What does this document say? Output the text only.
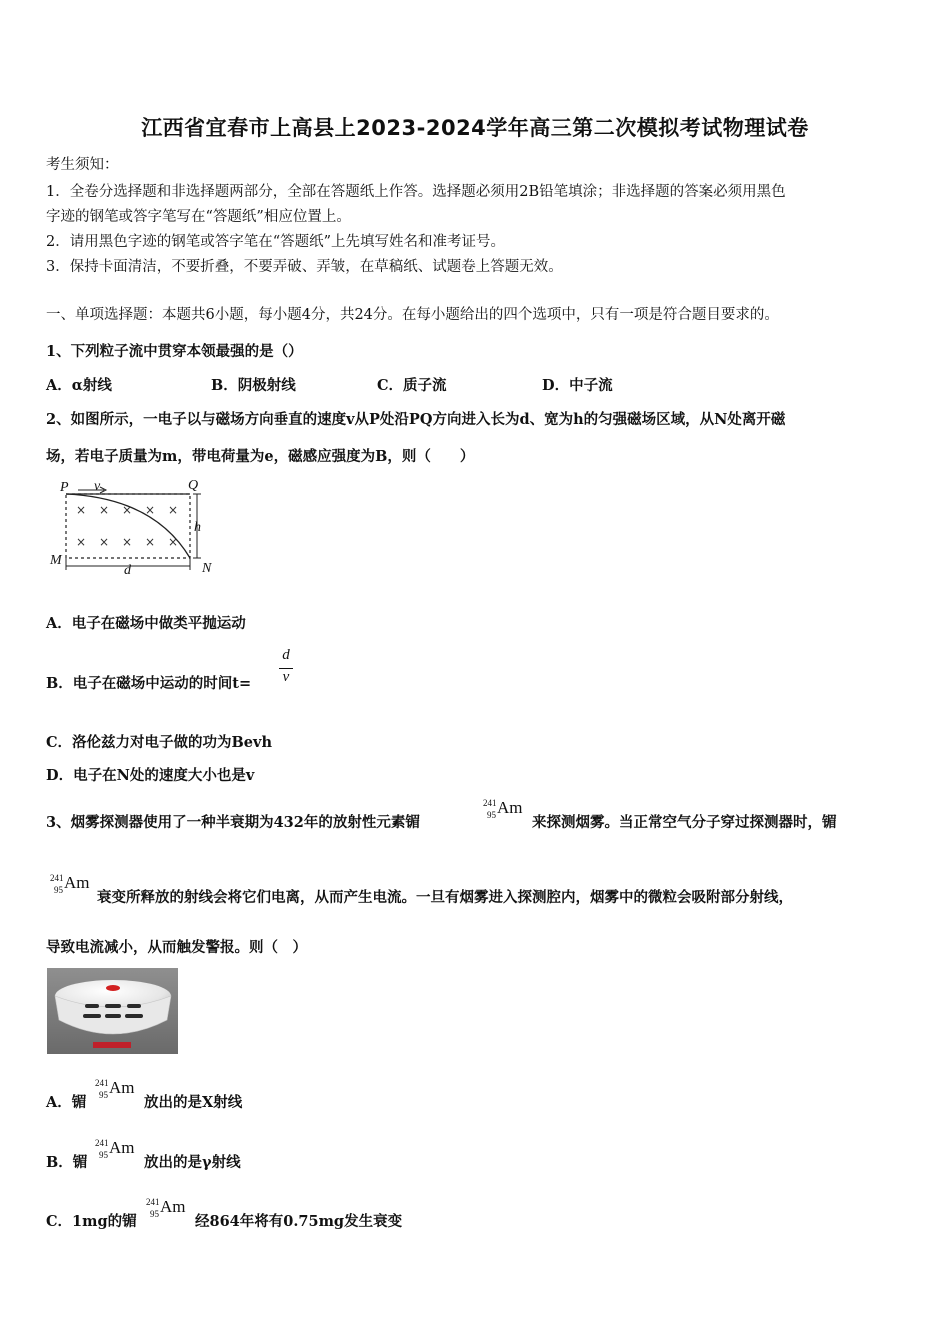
江西省宜春市上高县上2023-2024学年高三第二次模拟考试物理试卷
考生须知：
1．全卷分选择题和非选择题两部分，全部在答题纸上作答。选择题必须用2B铅笔填涂；非选择题的答案必须用黑色
字迹的钢笔或答字笔写在“答题纸”相应位置上。
2．请用黑色字迹的钢笔或答字笔在“答题纸”上先填写姓名和准考证号。
3．保持卡面清洁，不要折叠，不要弄破、弄皱，在草稿纸、试题卷上答题无效。
一、单项选择题：本题共6小题，每小题4分，共24分。在每小题给出的四个选项中，只有一项是符合题目要求的。
1、下列粒子流中贯穿本领最强的是（）
A．α射线	B．阴极射线	C．质子流	D．中子流
2、如图所示，一电子以与磁场方向垂直的速度v从P处沿PQ方向进入长为d、宽为h的匀强磁场区域，从N处离开磁
场，若电子质量为m，带电荷量为e，磁感应强度为B，则（　　）
× × × × ×
× × × × ×
P	Q
M
N
v
h
d
A．电子在磁场中做类平抛运动
B．电子在磁场中运动的时间t=
d
v
C．洛伦兹力对电子做的功为Bevh
D．电子在N处的速度大小也是v
3、烟雾探测器使用了一种半衰期为432年的放射性元素镅
241
95 Am
来探测烟雾。当正常空气分子穿过探测器时，镅
241
95 Am
衰变所释放的射线会将它们电离，从而产生电流。一旦有烟雾进入探测腔内，烟雾中的微粒会吸附部分射线，
导致电流减小，从而触发警报。则（　）
A．镅
241
95 Am
放出的是X射线
B．镅
241
95 Am
放出的是γ射线
C．1mg的镅
241
95 Am
经864年将有0.75mg发生衰变
